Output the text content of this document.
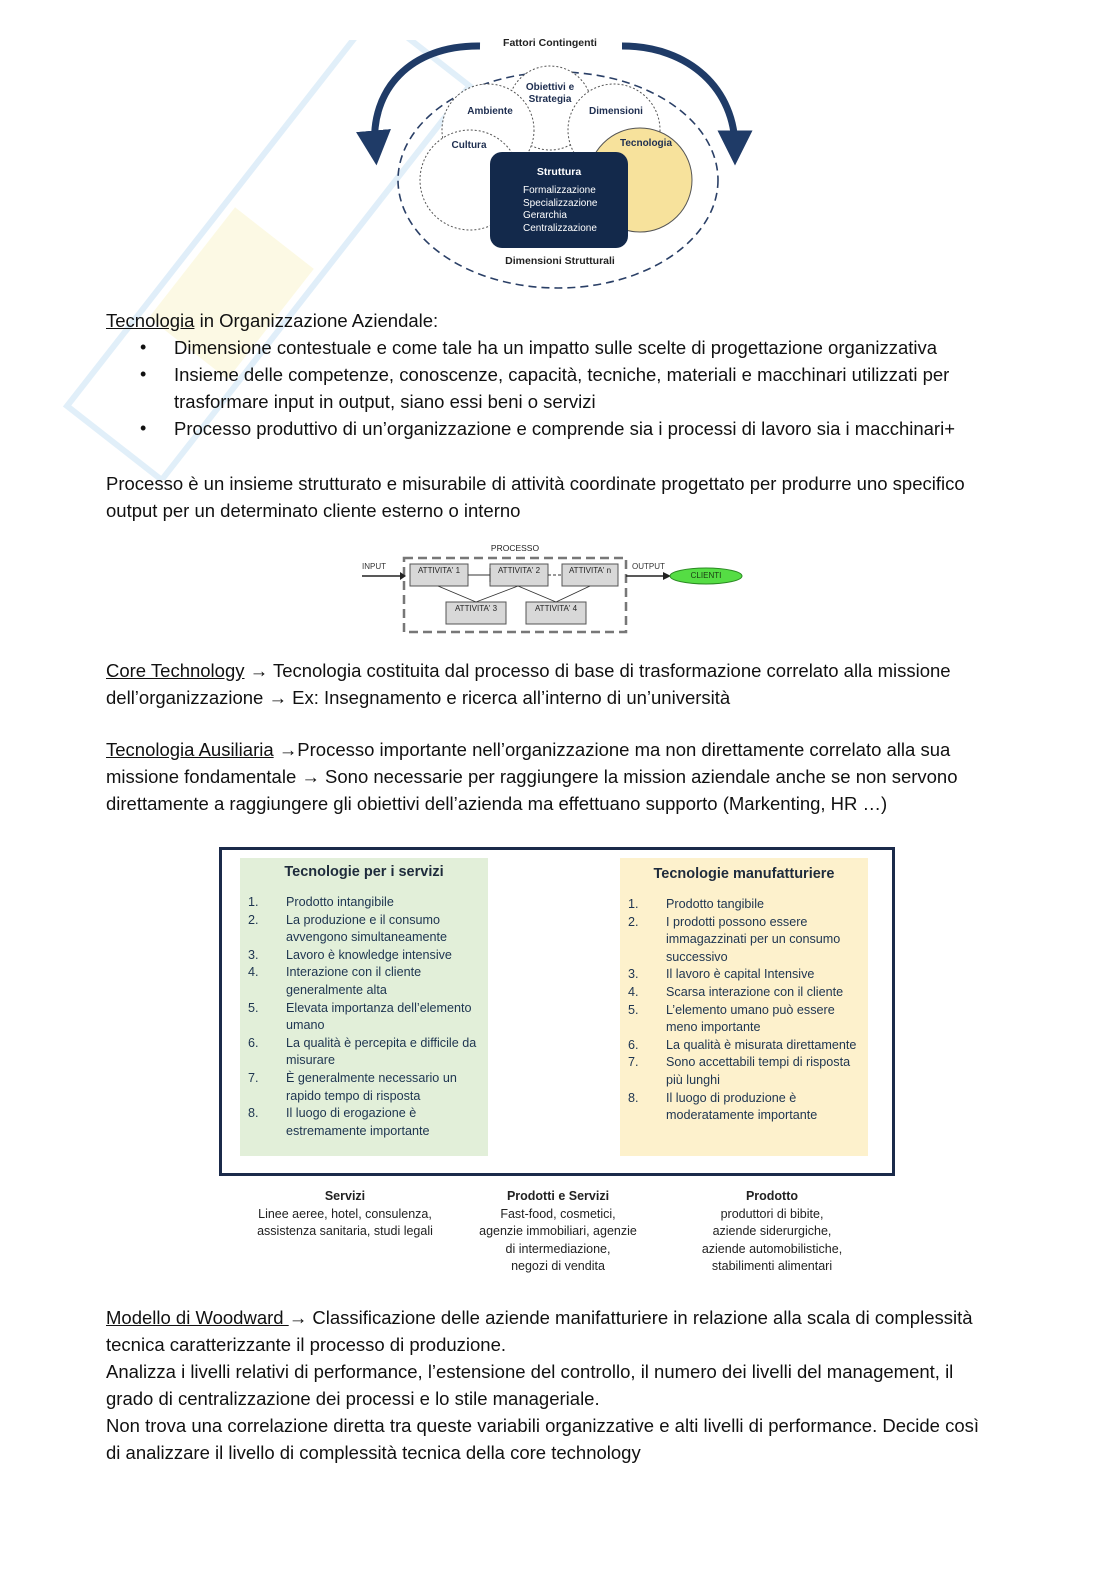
Fattori Contingenti
Obiettivi e Strategia
Ambiente	Dimensioni
Cultura	Tecnologia
Struttura
Formalizzazione
Specializzazione
Gerarchia
Centralizzazione
Dimensioni Strutturali
Tecnologia in Organizzazione Aziendale:
• Dimensione contestuale e come tale ha un impatto sulle scelte di progettazione organizzativa
• Insieme delle competenze, conoscenze, capacità, tecniche, materiali e macchinari utilizzati per trasformare input in output, siano essi beni o servizi
• Processo produttivo di un’organizzazione e comprende sia i processi di lavoro sia i macchinari+
Processo è un insieme strutturato e misurabile di attività coordinate progettato per produrre uno specifico output per un determinato cliente esterno o interno
PROCESSO
INPUT	OUTPUT
CLIENTI
ATTIVITA' 1	ATTIVITA' 2	ATTIVITA' n
ATTIVITA' 3	ATTIVITA' 4
Core Technology → Tecnologia costituita dal processo di base di trasformazione correlato alla missione
dell’organizzazione → Ex: Insegnamento e ricerca all’interno di un’università
Tecnologia Ausiliaria →Processo importante nell’organizzazione ma non direttamente correlato alla sua
missione fondamentale → Sono necessarie per raggiungere la mission aziendale anche se non servono
direttamente a raggiungere gli obiettivi dell’azienda ma effettuano supporto (Markenting, HR …)
Tecnologie per i servizi
1. Prodotto intangibile
2. La produzione e il consumo avvengono simultaneamente
3. Lavoro è knowledge intensive
4. Interazione con il cliente generalmente alta
5. Elevata importanza dell’elemento umano
6. La qualità è percepita e difficile da misurare
7. È generalmente necessario un rapido tempo di risposta
8. Il luogo di erogazione è estremamente importante
Tecnologie manufatturiere
1. Prodotto tangibile
2. I prodotti possono essere immagazzinati per un consumo successivo
3. Il lavoro è capital Intensive
4. Scarsa interazione con il cliente
5. L’elemento umano può essere meno importante
6. La qualità è misurata direttamente
7. Sono accettabili tempi di risposta più lunghi
8. Il luogo di produzione è moderatamente importante
Servizi
Linee aeree, hotel, consulenza,
assistenza sanitaria, studi legali
Prodotti e Servizi
Fast-food, cosmetici,
agenzie immobiliari, agenzie
di intermediazione,
negozi di vendita
Prodotto
produttori di bibite,
aziende siderurgiche,
aziende automobilistiche,
stabilimenti alimentari
Modello di Woodward → Classificazione delle aziende manifatturiere in relazione alla scala di complessità
tecnica caratterizzante il processo di produzione.
Analizza i livelli relativi di performance, l’estensione del controllo, il numero dei livelli del management, il
grado di centralizzazione dei processi e lo stile manageriale.
Non trova una correlazione diretta tra queste variabili organizzative e alti livelli di performance. Decide così
di analizzare il livello di complessità tecnica della core technology
